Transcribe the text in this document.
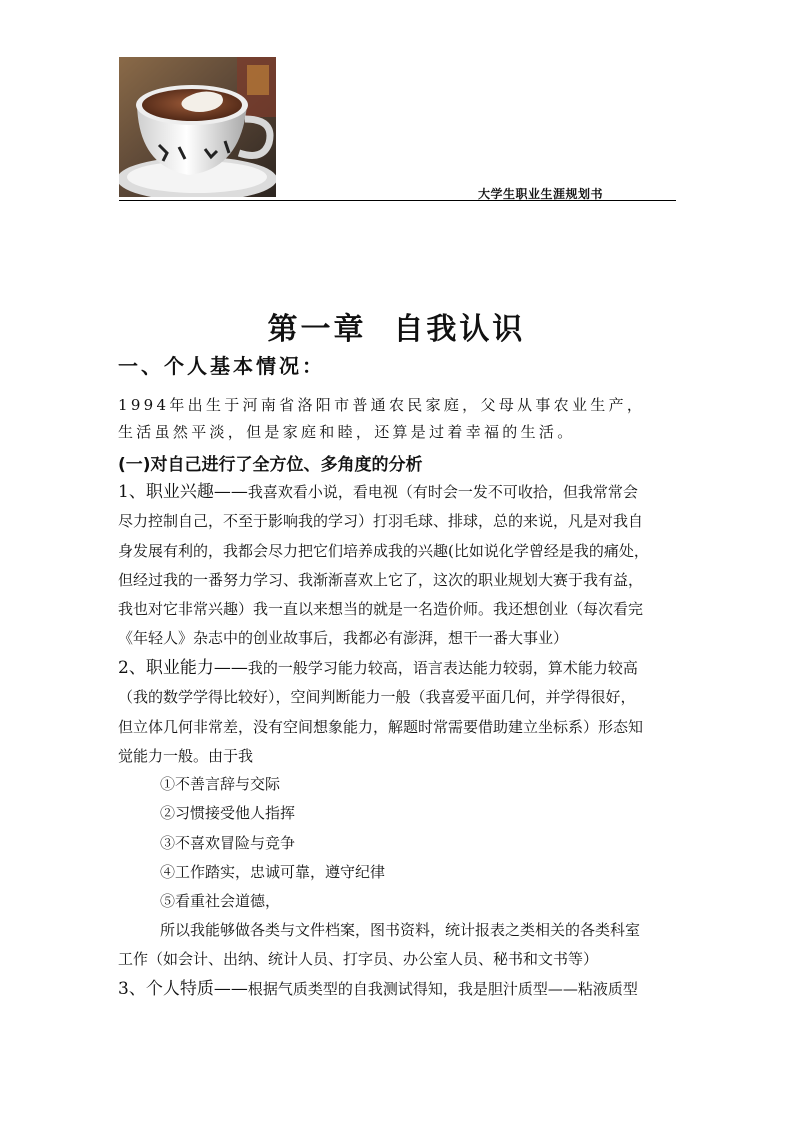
大学生职业生涯规划书
第一章  自我认识
一、个人基本情况：
1994年出生于河南省洛阳市普通农民家庭，父母从事农业生产，
生活虽然平淡，但是家庭和睦，还算是过着幸福的生活。
(一)对自己进行了全方位、多角度的分析
1、职业兴趣——我喜欢看小说，看电视（有时会一发不可收拾，但我常常会
尽力控制自己，不至于影响我的学习）打羽毛球、排球，总的来说，凡是对我自
身发展有利的，我都会尽力把它们培养成我的兴趣(比如说化学曾经是我的痛处，
但经过我的一番努力学习、我渐渐喜欢上它了，这次的职业规划大赛于我有益，
我也对它非常兴趣）我一直以来想当的就是一名造价师。我还想创业（每次看完
《年轻人》杂志中的创业故事后，我都必有澎湃，想干一番大事业）
2、职业能力——我的一般学习能力较高，语言表达能力较弱，算术能力较高
（我的数学学得比较好），空间判断能力一般（我喜爱平面几何，并学得很好，
但立体几何非常差，没有空间想象能力，解题时常需要借助建立坐标系）形态知
觉能力一般。由于我
①不善言辞与交际
②习惯接受他人指挥
③不喜欢冒险与竞争
④工作踏实，忠诚可靠，遵守纪律
⑤看重社会道德，
所以我能够做各类与文件档案，图书资料，统计报表之类相关的各类科室
工作（如会计、出纳、统计人员、打字员、办公室人员、秘书和文书等）
3、个人特质——根据气质类型的自我测试得知，我是胆汁质型——粘液质型
